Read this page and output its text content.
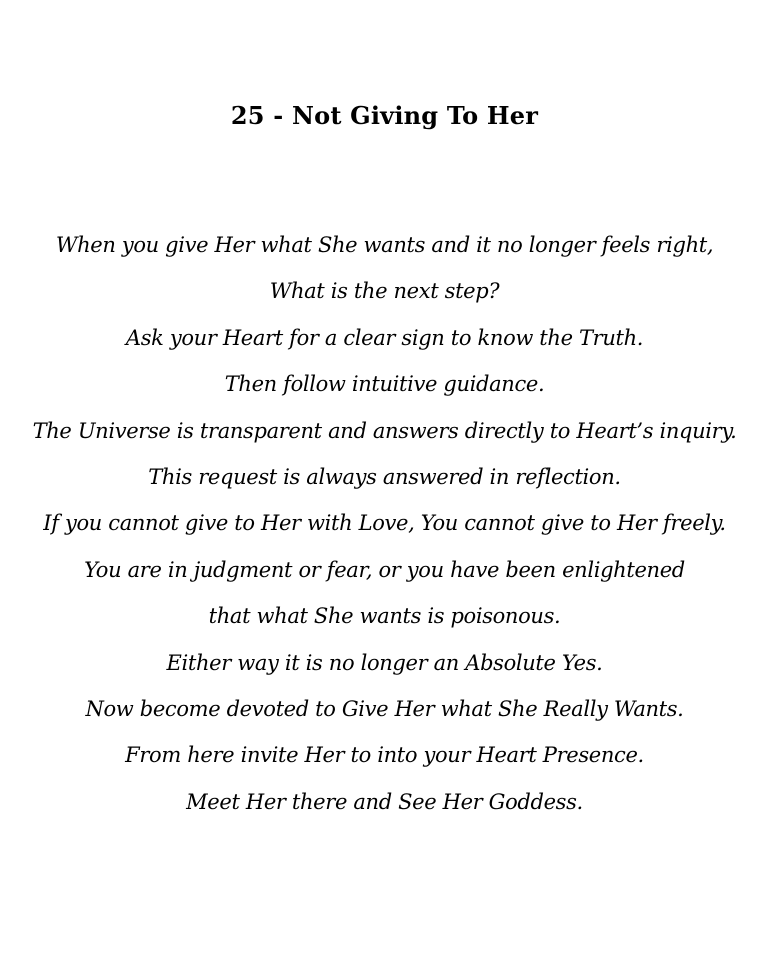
25 - Not Giving To Her
When you give Her what She wants and it no longer feels right,
What is the next step?
Ask your Heart for a clear sign to know the Truth.
Then follow intuitive guidance.
The Universe is transparent and answers directly to Heart’s inquiry.
This request is always answered in reflection.
If you cannot give to Her with Love, You cannot give to Her freely.
You are in judgment or fear, or you have been enlightened
that what She wants is poisonous.
Either way it is no longer an Absolute Yes.
Now become devoted to Give Her what She Really Wants.
From here invite Her to into your Heart Presence.
Meet Her there and See Her Goddess.
